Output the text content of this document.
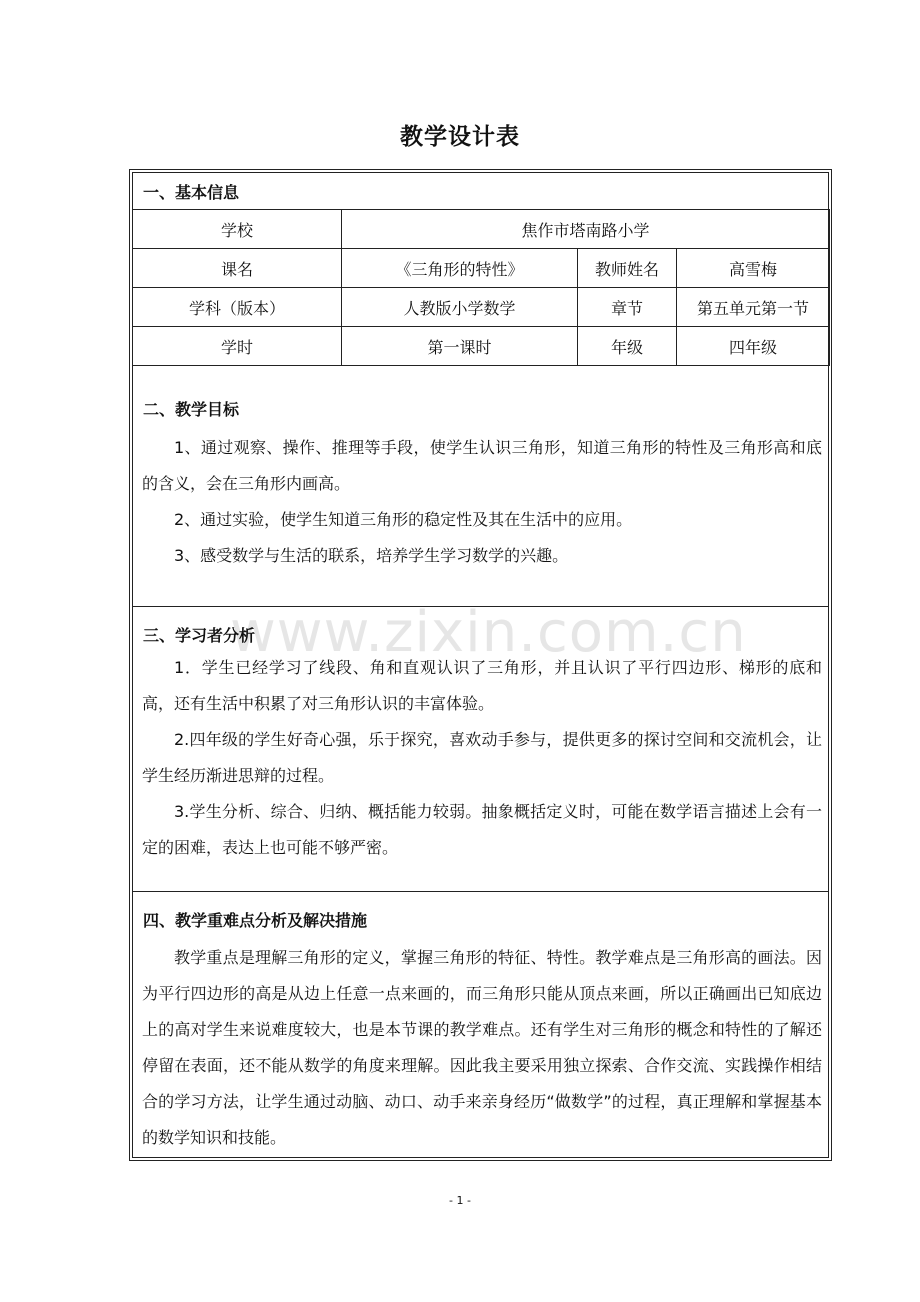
教学设计表
一、基本信息
学校	焦作市塔南路小学		
课名	《三角形的特性》	教师姓名	高雪梅
学科（版本）	人教版小学数学	章节	第五单元第一节
学时	第一课时	年级	四年级
二、教学目标

1、通过观察、操作、推理等手段，使学生认识三角形，知道三角形的特性及三角形高和底的含义，会在三角形内画高。

2、通过实验，使学生知道三角形的稳定性及其在生活中的应用。

3、感受数学与生活的联系，培养学生学习数学的兴趣。

www.zixin.com.cn
三、学习者分析

1．学生已经学习了线段、角和直观认识了三角形，并且认识了平行四边形、梯形的底和高，还有生活中积累了对三角形认识的丰富体验。

2.四年级的学生好奇心强，乐于探究，喜欢动手参与，提供更多的探讨空间和交流机会，让学生经历渐进思辩的过程。

3.学生分析、综合、归纳、概括能力较弱。抽象概括定义时，可能在数学语言描述上会有一定的困难，表达上也可能不够严密。

四、教学重难点分析及解决措施

教学重点是理解三角形的定义，掌握三角形的特征、特性。教学难点是三角形高的画法。因为平行四边形的高是从边上任意一点来画的，而三角形只能从顶点来画，所以正确画出已知底边上的高对学生来说难度较大，也是本节课的教学难点。还有学生对三角形的概念和特性的了解还停留在表面，还不能从数学的角度来理解。因此我主要采用独立探索、合作交流、实践操作相结合的学习方法，让学生通过动脑、动口、动手来亲身经历“做数学”的过程，真正理解和掌握基本的数学知识和技能。

- 1 -
